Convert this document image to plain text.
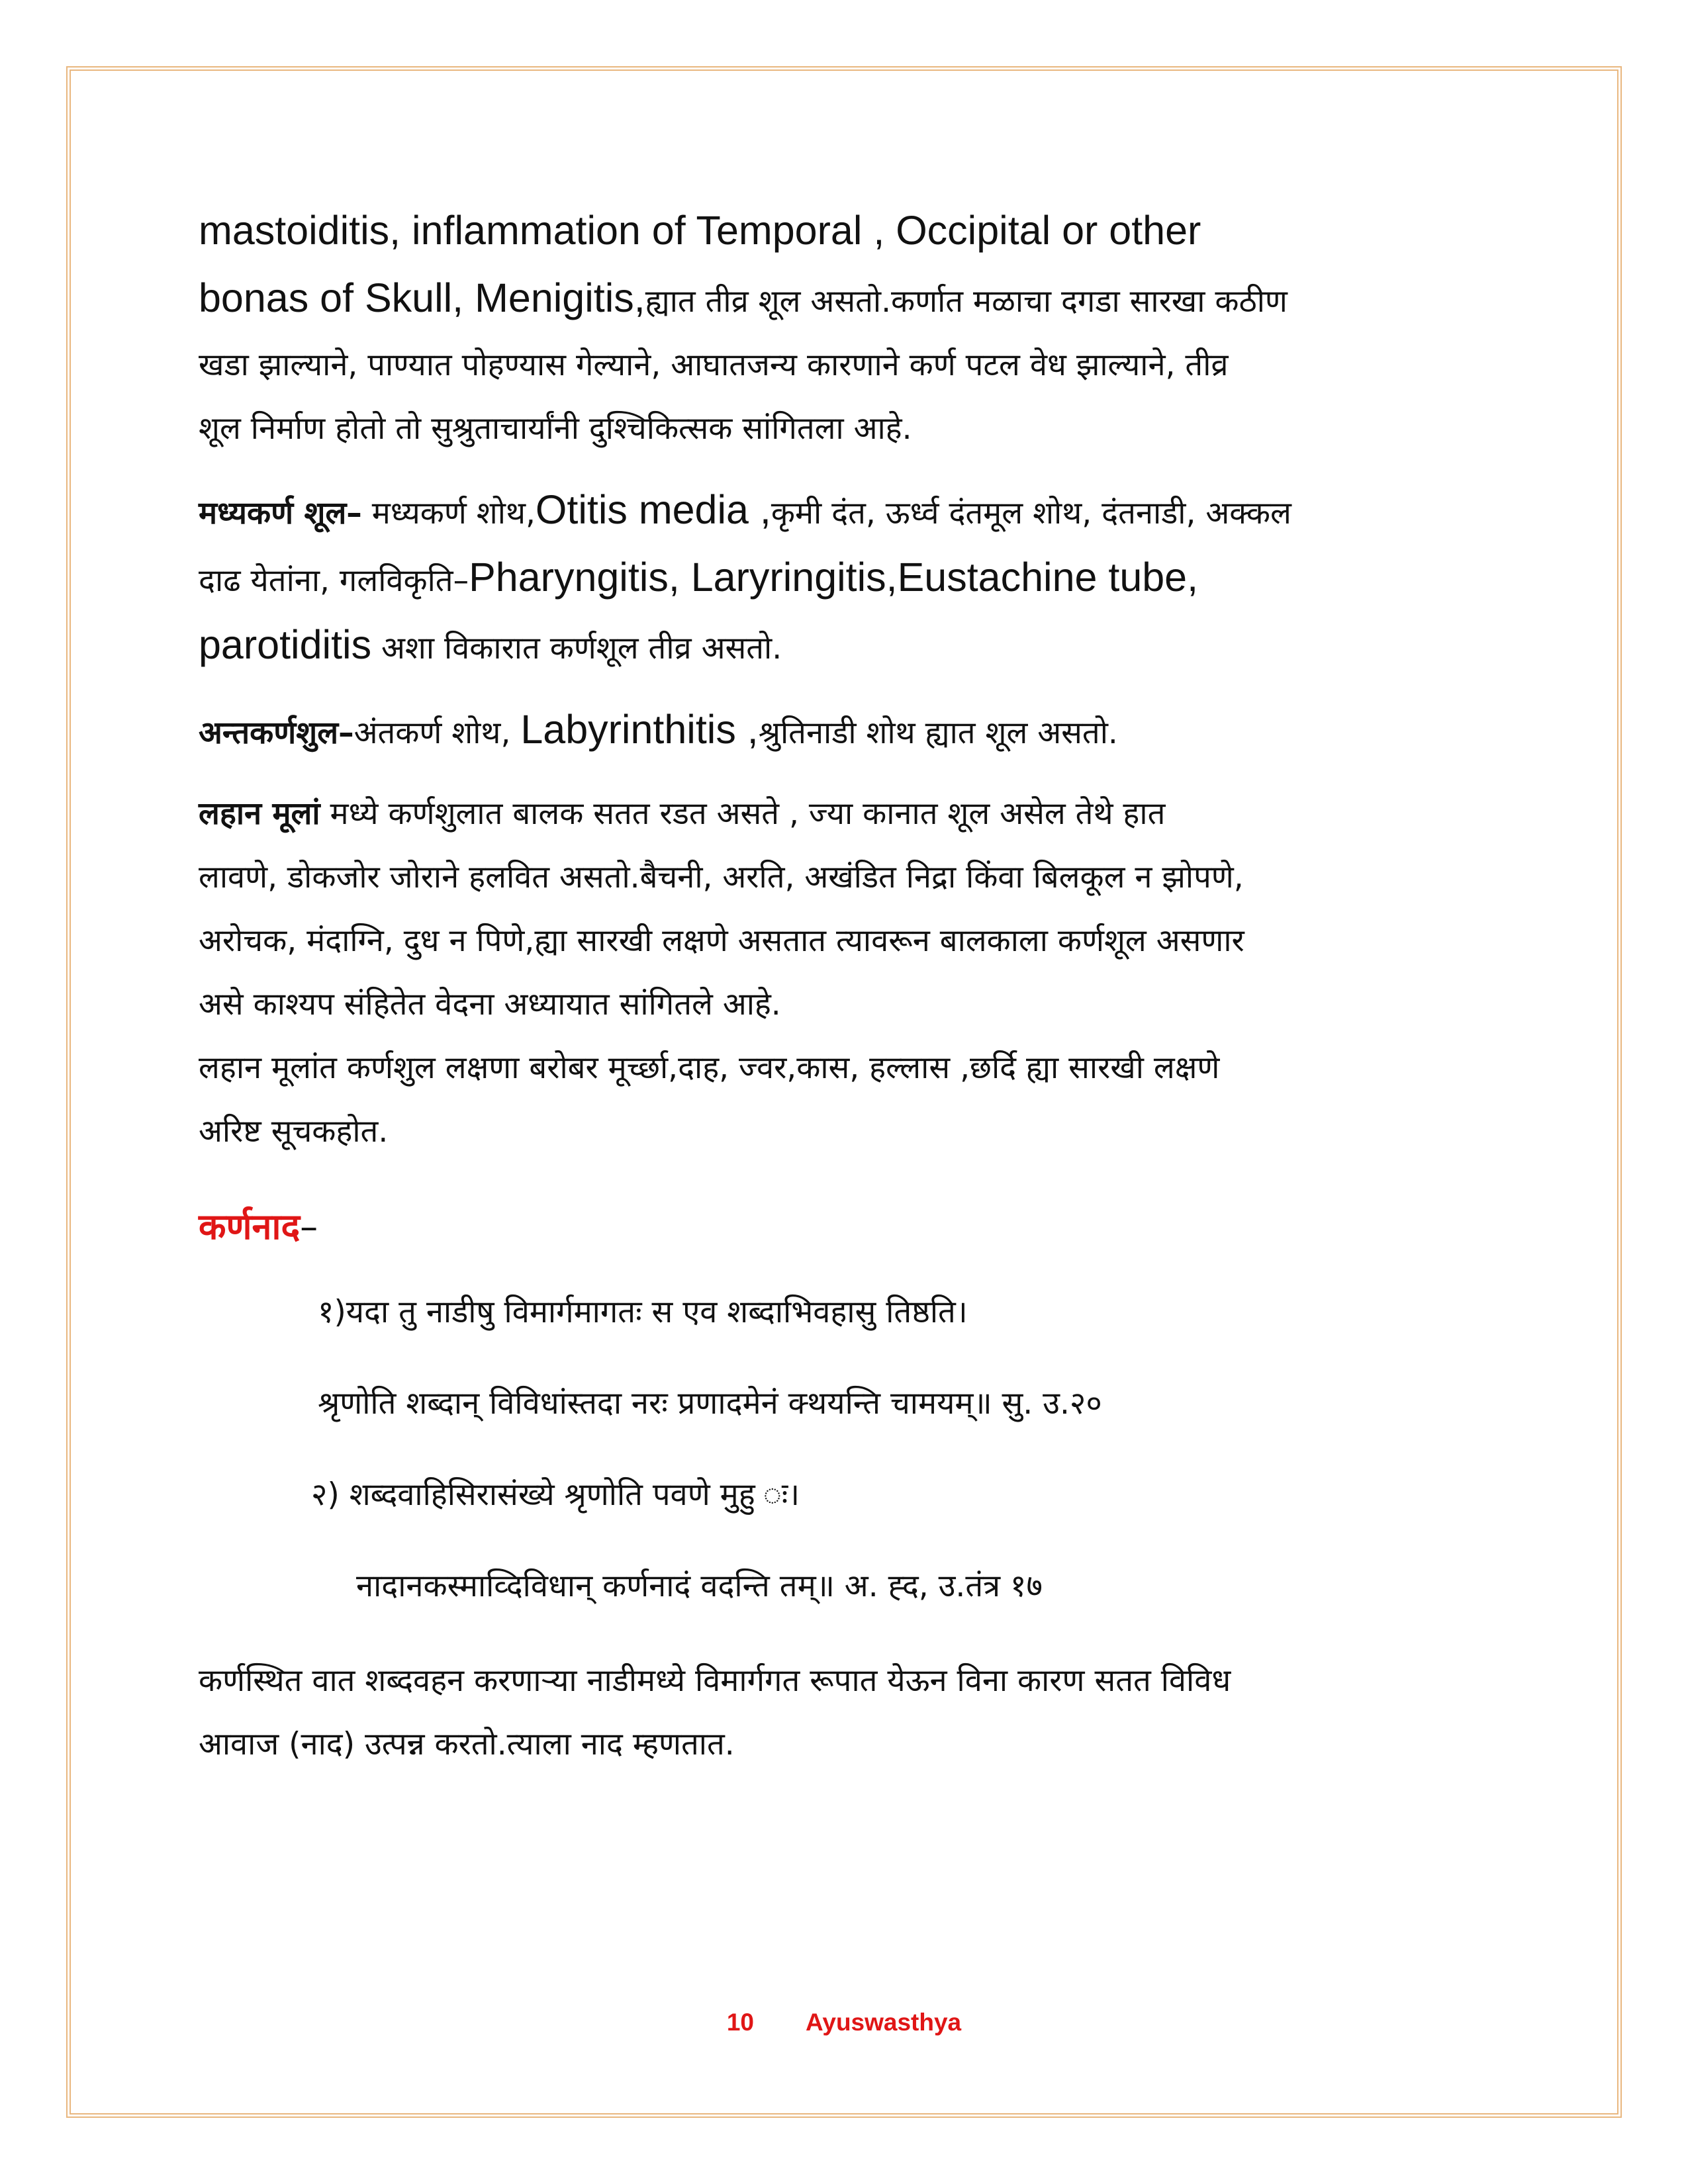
mastoiditis, inflammation of Temporal , Occipital or other
bonas of Skull, Menigitis,ह्यात तीव्र शूल असतो.कर्णात मळाचा दगडा सारखा कठीण
खडा झाल्याने, पाण्यात पोहण्यास गेल्याने, आघातजन्य कारणाने कर्ण पटल वेध झाल्याने, तीव्र
शूल निर्माण होतो तो सुश्रुताचार्यांनी दुश्चिकित्सक सांगितला आहे.
मध्यकर्ण शूल– मध्यकर्ण शोथ,Otitis media ,कृमी दंत, ऊर्ध्व दंतमूल शोथ, दंतनाडी, अक्कल
दाढ येतांना, गलविकृति–Pharyngitis, Laryringitis,Eustachine tube,
parotiditis अशा विकारात कर्णशूल तीव्र असतो.
अन्तकर्णशुल–अंतकर्ण शोथ, Labyrinthitis ,श्रुतिनाडी शोथ ह्यात शूल असतो.
लहान मूलां मध्ये कर्णशुलात बालक सतत रडत असते , ज्या कानात शूल असेल तेथे हात
लावणे, डोकजोर जोराने हलवित असतो.बैचनी, अरति, अखंडित निद्रा किंवा बिलकूल न झोपणे,
अरोचक, मंदाग्नि, दुध न पिणे,ह्या सारखी लक्षणे असतात त्यावरून बालकाला कर्णशूल असणार
असे काश्यप संहितेत वेदना अध्यायात सांगितले आहे.
लहान मूलांत कर्णशुल लक्षणा बरोबर मूर्च्छा,दाह, ज्वर,कास, हल्लास ,छर्दि ह्या सारखी लक्षणे
अरिष्ट सूचकहोत.
कर्णनाद–
१)यदा तु नाडीषु विमार्गमागतः स एव शब्दाभिवहासु तिष्ठति।
श्रृणोति शब्दान् विविधांस्तदा नरः प्रणादमेनं क्थयन्ति चामयम्॥ सु. उ.२०
२) शब्दवाहिसिरासंख्ये श्रृणोति पवणे मुहु ः।
नादानकस्माव्दिविधान् कर्णनादं वदन्ति तम्॥ अ. ह्द, उ.तंत्र १७
कर्णस्थित वात शब्दवहन करणाऱ्या नाडीमध्ये विमार्गगत रूपात येऊन विना कारण सतत विविध
आवाज (नाद) उत्पन्न करतो.त्याला नाद म्हणतात.
10 Ayuswasthya
